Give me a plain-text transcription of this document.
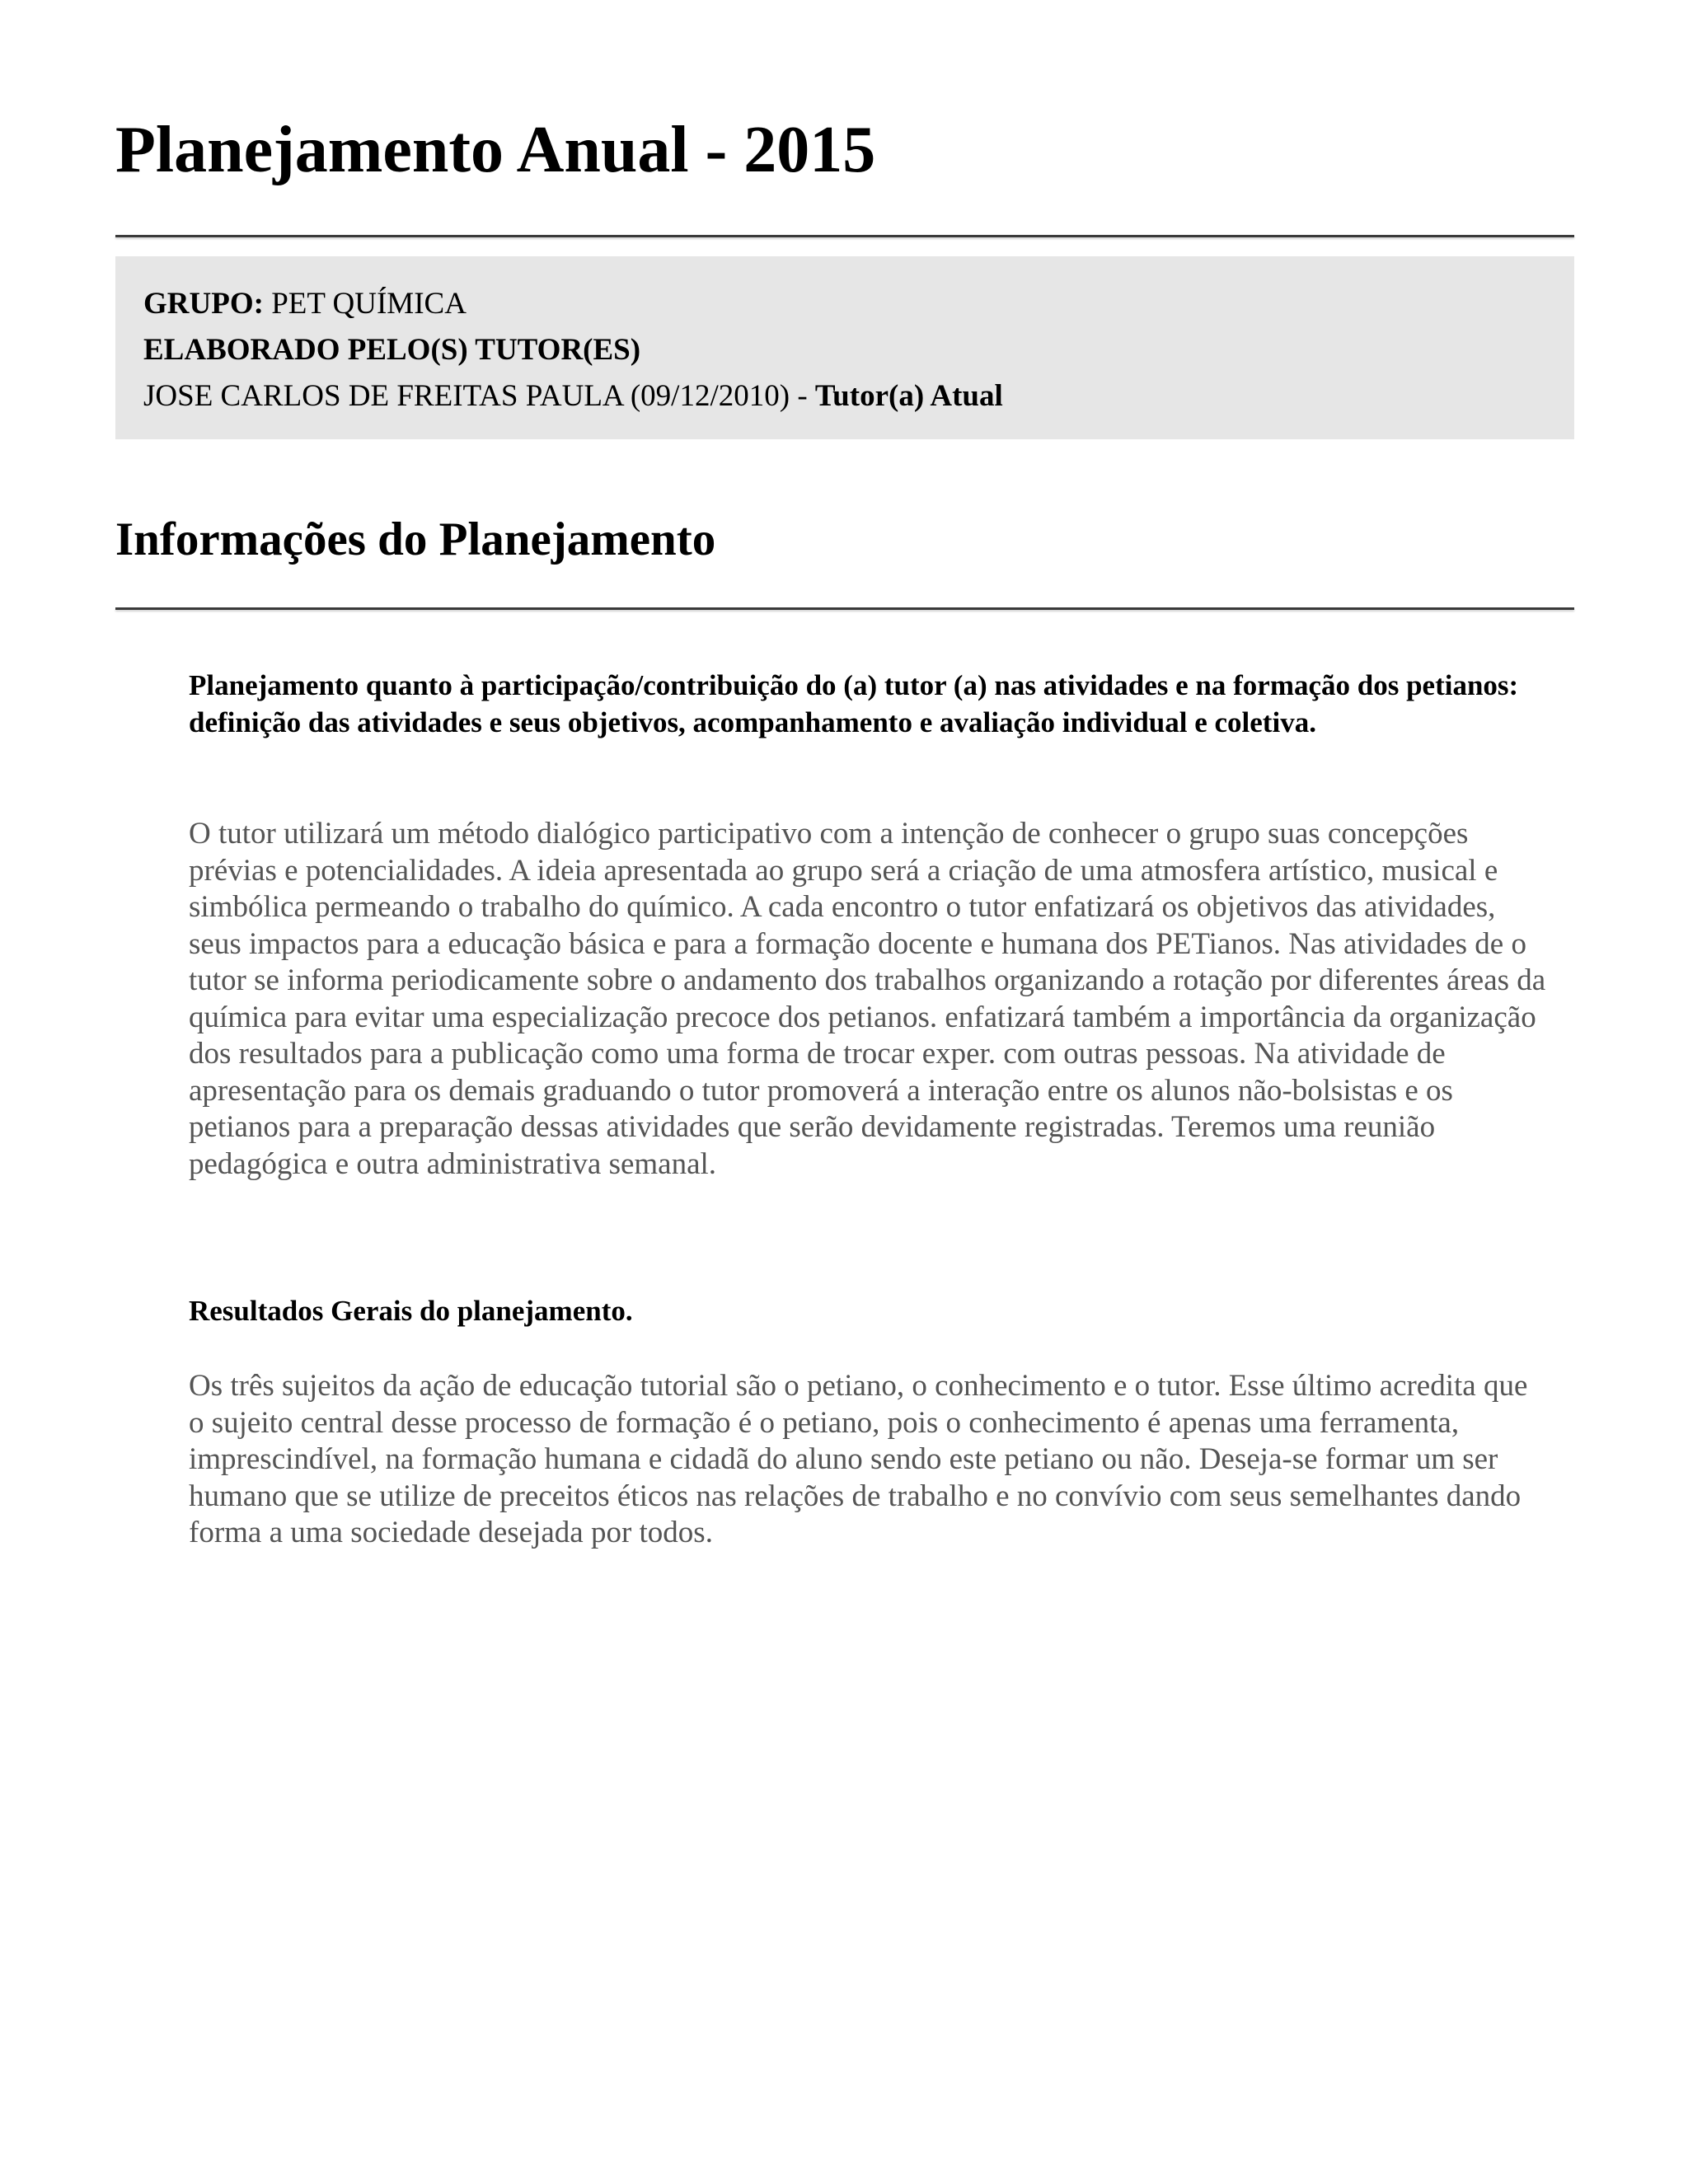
Planejamento Anual - 2015
GRUPO: PET QUÍMICA
ELABORADO PELO(S) TUTOR(ES)
JOSE CARLOS DE FREITAS PAULA (09/12/2010) - Tutor(a) Atual
Informações do Planejamento

Planejamento quanto à participação/contribuição do (a) tutor (a) nas atividades e na formação dos petianos: definição das atividades e seus objetivos, acompanhamento e avaliação individual e coletiva.

O tutor utilizará um método dialógico participativo com a intenção de conhecer o grupo suas concepções prévias e potencialidades. A ideia apresentada ao grupo será a criação de uma atmosfera artístico, musical e simbólica permeando o trabalho do químico. A cada encontro o tutor enfatizará os objetivos das atividades, seus impactos para a educação básica e para a formação docente e humana dos PETianos. Nas atividades de o tutor se informa periodicamente sobre o andamento dos trabalhos organizando a rotação por diferentes áreas da química para evitar uma especialização precoce dos petianos. enfatizará também a importância da organização dos resultados para a publicação como uma forma de trocar exper. com outras pessoas. Na atividade de apresentação para os demais graduando o tutor promoverá a interação entre os alunos não-bolsistas e os petianos para a preparação dessas atividades que serão devidamente registradas. Teremos uma reunião pedagógica e outra administrativa semanal.

Resultados Gerais do planejamento.

Os três sujeitos da ação de educação tutorial são o petiano, o conhecimento e o tutor. Esse último acredita que o sujeito central desse processo de formação é o petiano, pois o conhecimento é apenas uma ferramenta, imprescindível, na formação humana e cidadã do aluno sendo este petiano ou não. Deseja-se formar um ser humano que se utilize de preceitos éticos nas relações de trabalho e no convívio com seus semelhantes dando forma a uma sociedade desejada por todos.
